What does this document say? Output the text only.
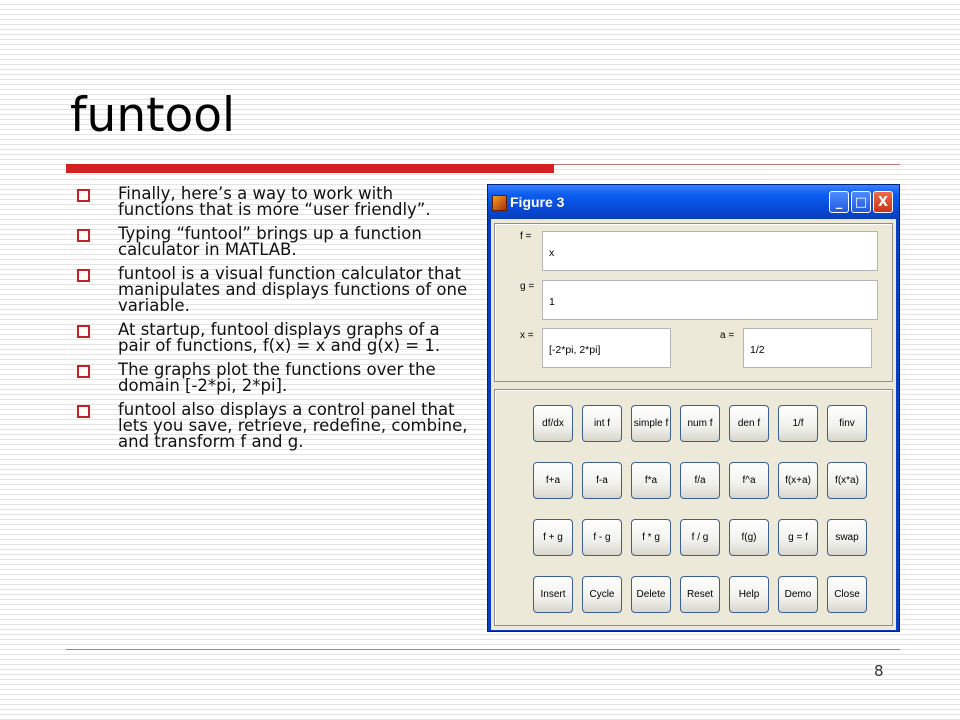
funtool
Finally, here’s a way to work with functions that is more “user friendly”.
Typing “funtool” brings up a function calculator in MATLAB.
funtool is a visual function calculator that manipulates and displays functions of one variable.
At startup, funtool displays graphs of a pair of functions, f(x) = x and g(x) = 1.
The graphs plot the functions over the domain [-2*pi, 2*pi].
funtool also displays a control panel that lets you save, retrieve, redefine, combine, and transform f and g.
Figure 3	_ □ X
f =
x
g =
1
x =
[-2*pi, 2*pi]
a =
1/2
df/dx	int f	simple f	num f	den f	1/f	finv
f+a	f-a	f*a	f/a	f^a	f(x+a)	f(x*a)
f + g	f - g	f * g	f / g	f(g)	g = f	swap
Insert	Cycle	Delete	Reset	Help	Demo	Close
8
